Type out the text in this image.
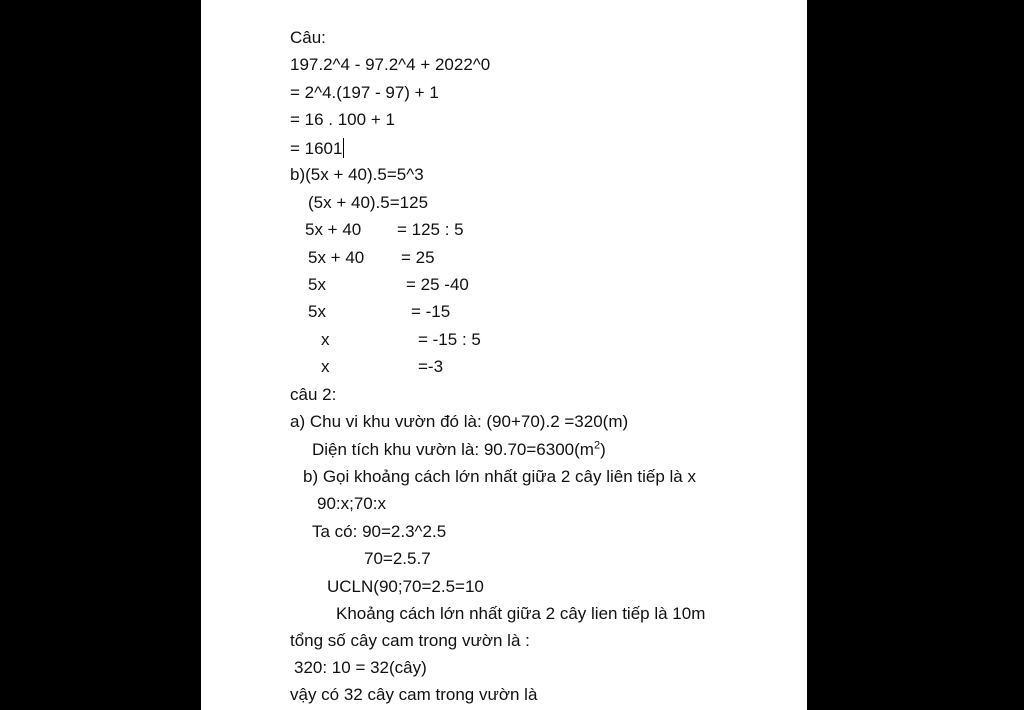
Câu:
197.2^4 - 97.2^4 + 2022^0
= 2^4.(197 - 97) + 1
= 16 . 100 + 1
= 1601
b)(5x + 40).5=5^3
(5x + 40).5=125
5x + 40 = 125 : 5
5x + 40 = 25
5x	= 25 -40
5x	= -15
x	= -15 : 5
x	=-3
câu 2:
a) Chu vi khu vườn đó là: (90+70).2 =320(m)
Diện tích khu vườn là: $90.70=6300(m^2)$
b) Gọi khoảng cách lớn nhất giữa 2 cây liên tiếp là x
90:x;70:x
Ta có: 90=2.3^2.5
70=2.5.7
UCLN(90;70=2.5=10
Khoảng cách lớn nhất giữa 2 cây lien tiếp là 10m
tổng số cây cam trong vườn là :
320: 10 = 32(cây)
vậy có 32 cây cam trong vườn là
